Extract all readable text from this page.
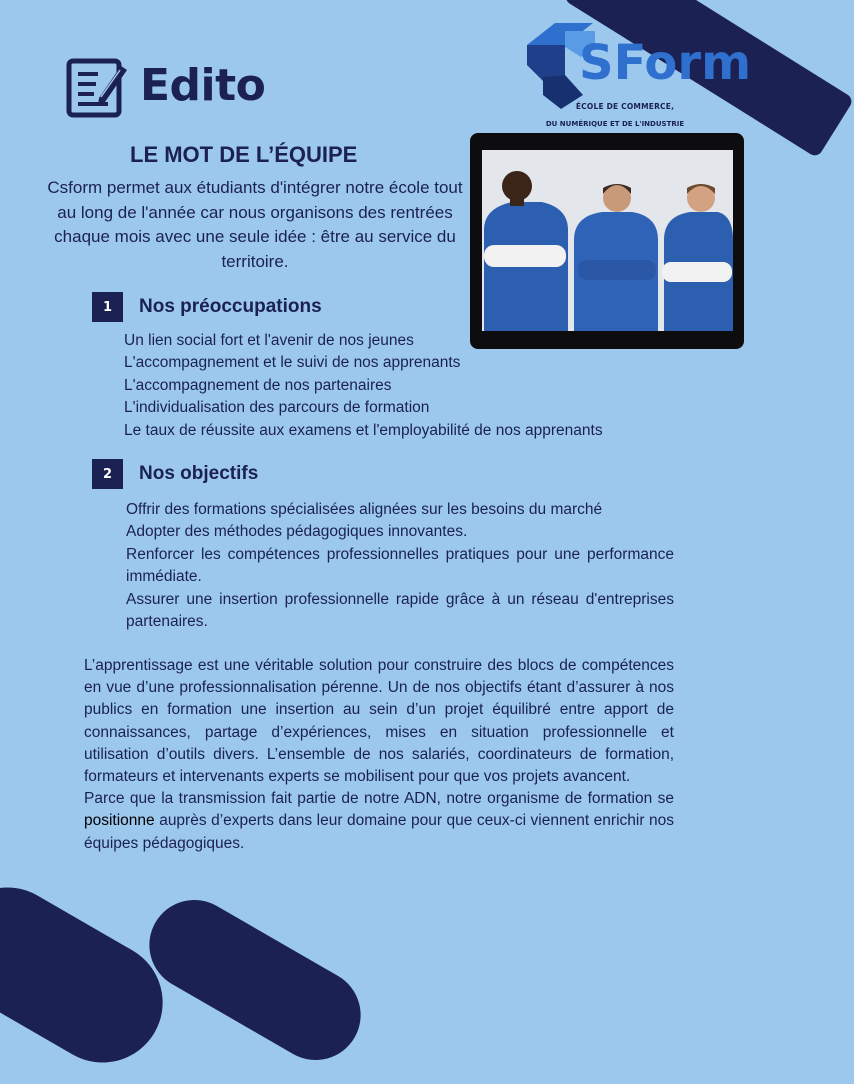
Edito	SForm
ÉCOLE DE COMMERCE,
DU NUMÉRIQUE ET DE L'INDUSTRIE
LE MOT DE L’ÉQUIPE
Csform permet aux étudiants d'intégrer notre école tout au long de l'année car nous organisons des rentrées chaque mois avec une seule idée : être au service du territoire.
1	Nos préoccupations
Un lien social fort et l'avenir de nos jeunes
L'accompagnement et le suivi de nos apprenants
L'accompagnement de nos partenaires
L'individualisation des parcours de formation
Le taux de réussite aux examens et l'employabilité de nos apprenants
2	Nos objectifs
Offrir des formations spécialisées alignées sur les besoins du marché
Adopter des méthodes pédagogiques innovantes.
Renforcer les compétences professionnelles pratiques pour une performance immédiate.
Assurer une insertion professionnelle rapide grâce à un réseau d'entreprises partenaires.
L’apprentissage est une véritable solution pour construire des blocs de compétences en vue d’une professionnalisation pérenne. Un de nos objectifs étant d’assurer à nos publics en formation une insertion au sein d’un projet équilibré entre apport de connaissances, partage d’expériences, mises en situation professionnelle et utilisation d’outils divers. L’ensemble de nos salariés, coordinateurs de formation, formateurs et intervenants experts se mobilisent pour que vos projets avancent.
Parce que la transmission fait partie de notre ADN, notre organisme de formation se positionne auprès d’experts dans leur domaine pour que ceux-ci viennent enrichir nos équipes pédagogiques.
